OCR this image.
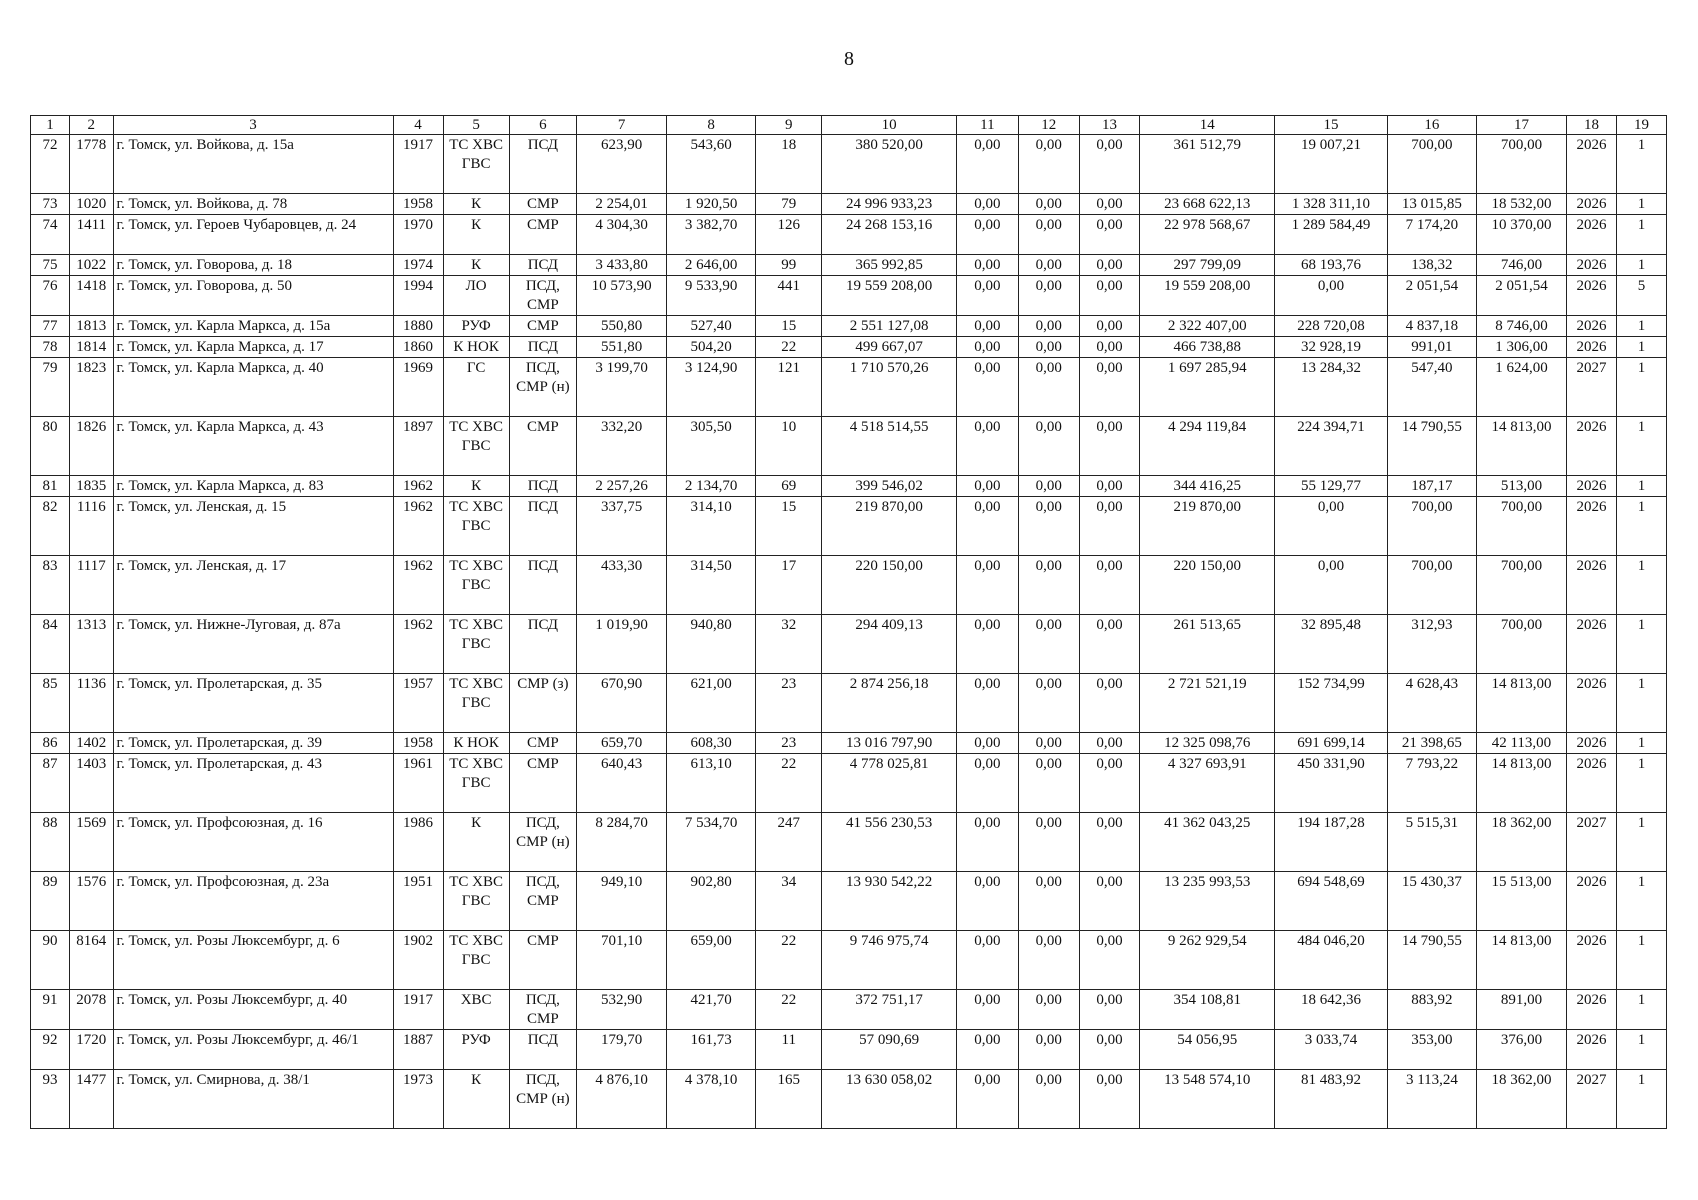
8
1	2	3	4	5	6	7	8	9	10	11	12	13	14	15	16	17	18	19
72	1778	г. Томск, ул. Войкова, д. 15а	1917	ТС ХВС ГВС	ПСД	623,90	543,60	18	380 520,00	0,00	0,00	0,00	361 512,79	19 007,21	700,00	700,00	2026	1
73	1020	г. Томск, ул. Войкова, д. 78	1958	К	СМР	2 254,01	1 920,50	79	24 996 933,23	0,00	0,00	0,00	23 668 622,13	1 328 311,10	13 015,85	18 532,00	2026	1
74	1411	г. Томск, ул. Героев Чубаровцев, д. 24	1970	К	СМР	4 304,30	3 382,70	126	24 268 153,16	0,00	0,00	0,00	22 978 568,67	1 289 584,49	7 174,20	10 370,00	2026	1
75	1022	г. Томск, ул. Говорова, д. 18	1974	К	ПСД	3 433,80	2 646,00	99	365 992,85	0,00	0,00	0,00	297 799,09	68 193,76	138,32	746,00	2026	1
76	1418	г. Томск, ул. Говорова, д. 50	1994	ЛО	ПСД, СМР	10 573,90	9 533,90	441	19 559 208,00	0,00	0,00	0,00	19 559 208,00	0,00	2 051,54	2 051,54	2026	5
77	1813	г. Томск, ул. Карла Маркса, д. 15а	1880	РУФ	СМР	550,80	527,40	15	2 551 127,08	0,00	0,00	0,00	2 322 407,00	228 720,08	4 837,18	8 746,00	2026	1
78	1814	г. Томск, ул. Карла Маркса, д. 17	1860	К НОК	ПСД	551,80	504,20	22	499 667,07	0,00	0,00	0,00	466 738,88	32 928,19	991,01	1 306,00	2026	1
79	1823	г. Томск, ул. Карла Маркса, д. 40	1969	ГС	ПСД, СМР (н)	3 199,70	3 124,90	121	1 710 570,26	0,00	0,00	0,00	1 697 285,94	13 284,32	547,40	1 624,00	2027	1
80	1826	г. Томск, ул. Карла Маркса, д. 43	1897	ТС ХВС ГВС	СМР	332,20	305,50	10	4 518 514,55	0,00	0,00	0,00	4 294 119,84	224 394,71	14 790,55	14 813,00	2026	1
81	1835	г. Томск, ул. Карла Маркса, д. 83	1962	К	ПСД	2 257,26	2 134,70	69	399 546,02	0,00	0,00	0,00	344 416,25	55 129,77	187,17	513,00	2026	1
82	1116	г. Томск, ул. Ленская, д. 15	1962	ТС ХВС ГВС	ПСД	337,75	314,10	15	219 870,00	0,00	0,00	0,00	219 870,00	0,00	700,00	700,00	2026	1
83	1117	г. Томск, ул. Ленская, д. 17	1962	ТС ХВС ГВС	ПСД	433,30	314,50	17	220 150,00	0,00	0,00	0,00	220 150,00	0,00	700,00	700,00	2026	1
84	1313	г. Томск, ул. Нижне-Луговая, д. 87а	1962	ТС ХВС ГВС	ПСД	1 019,90	940,80	32	294 409,13	0,00	0,00	0,00	261 513,65	32 895,48	312,93	700,00	2026	1
85	1136	г. Томск, ул. Пролетарская, д. 35	1957	ТС ХВС ГВС	СМР (з)	670,90	621,00	23	2 874 256,18	0,00	0,00	0,00	2 721 521,19	152 734,99	4 628,43	14 813,00	2026	1
86	1402	г. Томск, ул. Пролетарская, д. 39	1958	К НОК	СМР	659,70	608,30	23	13 016 797,90	0,00	0,00	0,00	12 325 098,76	691 699,14	21 398,65	42 113,00	2026	1
87	1403	г. Томск, ул. Пролетарская, д. 43	1961	ТС ХВС ГВС	СМР	640,43	613,10	22	4 778 025,81	0,00	0,00	0,00	4 327 693,91	450 331,90	7 793,22	14 813,00	2026	1
88	1569	г. Томск, ул. Профсоюзная, д. 16	1986	К	ПСД, СМР (н)	8 284,70	7 534,70	247	41 556 230,53	0,00	0,00	0,00	41 362 043,25	194 187,28	5 515,31	18 362,00	2027	1
89	1576	г. Томск, ул. Профсоюзная, д. 23а	1951	ТС ХВС ГВС	ПСД, СМР	949,10	902,80	34	13 930 542,22	0,00	0,00	0,00	13 235 993,53	694 548,69	15 430,37	15 513,00	2026	1
90	8164	г. Томск, ул. Розы Люксембург, д. 6	1902	ТС ХВС ГВС	СМР	701,10	659,00	22	9 746 975,74	0,00	0,00	0,00	9 262 929,54	484 046,20	14 790,55	14 813,00	2026	1
91	2078	г. Томск, ул. Розы Люксембург, д. 40	1917	ХВС	ПСД, СМР	532,90	421,70	22	372 751,17	0,00	0,00	0,00	354 108,81	18 642,36	883,92	891,00	2026	1
92	1720	г. Томск, ул. Розы Люксембург, д. 46/1	1887	РУФ	ПСД	179,70	161,73	11	57 090,69	0,00	0,00	0,00	54 056,95	3 033,74	353,00	376,00	2026	1
93	1477	г. Томск, ул. Смирнова, д. 38/1	1973	К	ПСД, СМР (н)	4 876,10	4 378,10	165	13 630 058,02	0,00	0,00	0,00	13 548 574,10	81 483,92	3 113,24	18 362,00	2027	1
